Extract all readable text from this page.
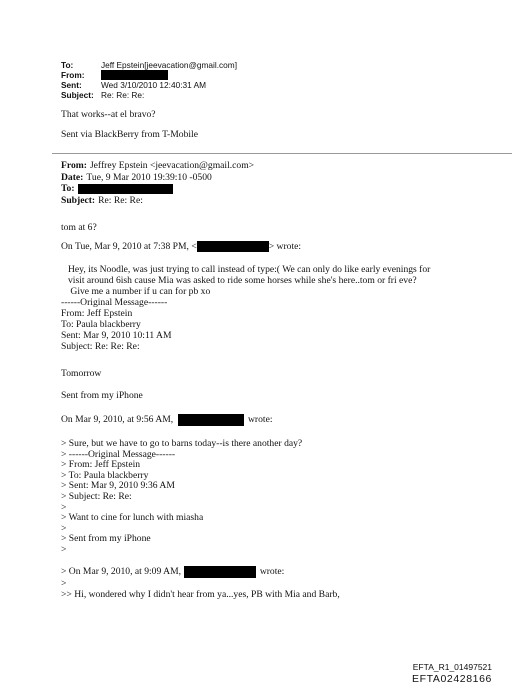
To:	Jeff Epstein[jeevacation@gmail.com]
From:
Sent:	Wed 3/10/2010 12:40:31 AM
Subject: Re: Re: Re:
That works--at el bravo?
Sent via BlackBerry from T-Mobile
From: Jeffrey Epstein <jeevacation@gmail.com>
Date: Tue, 9 Mar 2010 19:39:10 -0500
To:
Subject: Re: Re: Re:
tom at 6?
On Tue, Mar 9, 2010 at 7:38 PM, <	> wrote:
Hey, its Noodle, was just trying to call instead of type:( We can only do like early evenings for
visit around 6ish cause Mia was asked to ride some horses while she's here..tom or fri eve?
Give me a number if u can for pb xo
------Original Message------
From: Jeff Epstein
To: Paula blackberry
Sent: Mar 9, 2010 10:11 AM
Subject: Re: Re: Re:
Tomorrow
Sent from my iPhone
On Mar 9, 2010, at 9:56 AM,	wrote:
> Sure, but we have to go to barns today--is there another day?
> ------Original Message------
> From: Jeff Epstein
> To: Paula blackberry
> Sent: Mar 9, 2010 9:36 AM
> Subject: Re: Re:
>
> Want to cine for lunch with miasha
>
> Sent from my iPhone
>
> On Mar 9, 2010, at 9:09 AM,	wrote:
>
>> Hi, wondered why I didn't hear from ya...yes, PB with Mia and Barb,
EFTA_R1_01497521
EFTA02428166
